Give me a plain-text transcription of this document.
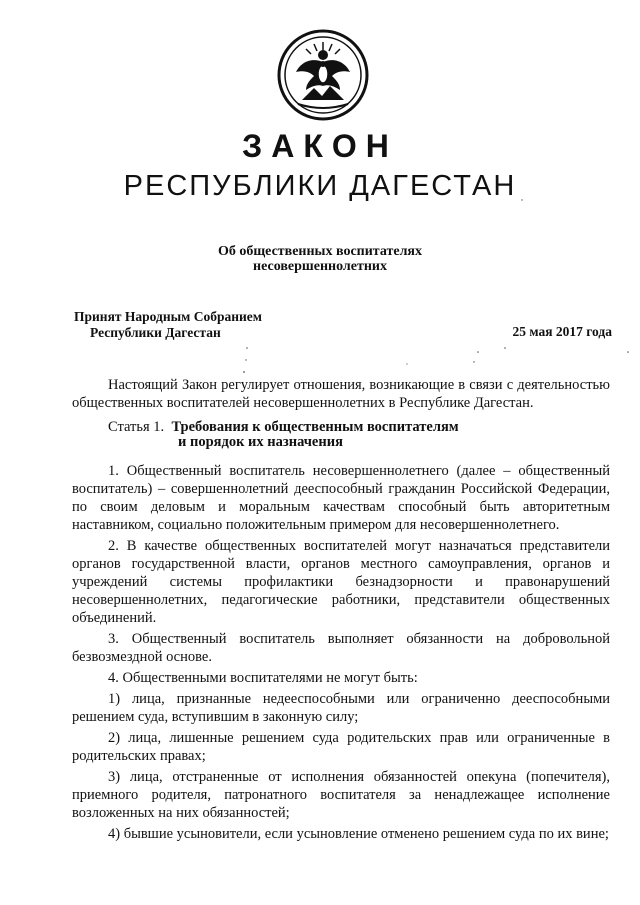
ЗАКОН
РЕСПУБЛИКИ ДАГЕСТАН
Об общественных воспитателях
несовершеннолетних
Принят Народным Собранием
Республики Дагестан	25 мая 2017 года

Настоящий Закон регулирует отношения, возникающие в связи с деятельностью общественных воспитателей несовершеннолетних в Республике Дагестан.

Статья 1. Требования к общественным воспитателям
и порядок их назначения

1. Общественный воспитатель несовершеннолетнего (далее – общественный воспитатель) – совершеннолетний дееспособный гражданин Российской Федерации, по своим деловым и моральным качествам способный быть авторитетным наставником, социально положительным примером для несовершеннолетнего.

2. В качестве общественных воспитателей могут назначаться представители органов государственной власти, органов местного самоуправления, органов и учреждений системы профилактики безнадзорности и правонарушений несовершеннолетних, педагогические работники, представители общественных объединений.

3. Общественный воспитатель выполняет обязанности на добровольной безвозмездной основе.

4. Общественными воспитателями не могут быть:

1) лица, признанные недееспособными или ограниченно дееспособными решением суда, вступившим в законную силу;

2) лица, лишенные решением суда родительских прав или ограниченные в родительских правах;

3) лица, отстраненные от исполнения обязанностей опекуна (попечителя), приемного родителя, патронатного воспитателя за ненадлежащее исполнение возложенных на них обязанностей;

4) бывшие усыновители, если усыновление отменено решением суда по их вине;
